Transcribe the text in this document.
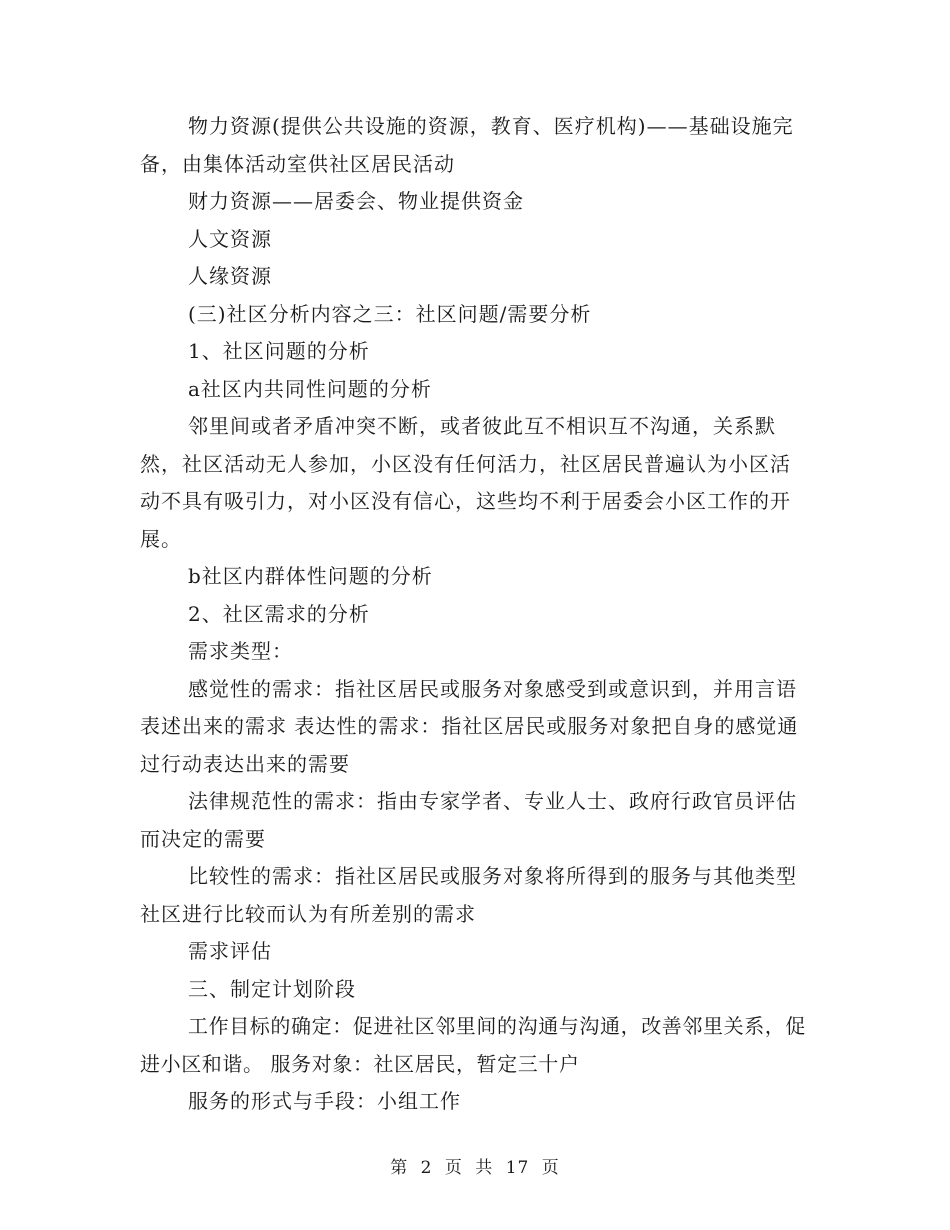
物力资源(提供公共设施的资源，教育、医疗机构)——基础设施完备，由集体活动室供社区居民活动

财力资源——居委会、物业提供资金

人文资源

人缘资源

(三)社区分析内容之三：社区问题/需要分析

1、社区问题的分析

a社区内共同性问题的分析

邻里间或者矛盾冲突不断，或者彼此互不相识互不沟通，关系默然，社区活动无人参加，小区没有任何活力，社区居民普遍认为小区活动不具有吸引力，对小区没有信心，这些均不利于居委会小区工作的开展。

b社区内群体性问题的分析

2、社区需求的分析

需求类型：

感觉性的需求：指社区居民或服务对象感受到或意识到，并用言语表述出来的需求 表达性的需求：指社区居民或服务对象把自身的感觉通过行动表达出来的需要

法律规范性的需求：指由专家学者、专业人士、政府行政官员评估而决定的需要

比较性的需求：指社区居民或服务对象将所得到的服务与其他类型社区进行比较而认为有所差别的需求

需求评估

三、制定计划阶段

工作目标的确定：促进社区邻里间的沟通与沟通，改善邻里关系，促进小区和谐。 服务对象：社区居民，暂定三十户

服务的形式与手段：小组工作

第 2 页 共 17 页
